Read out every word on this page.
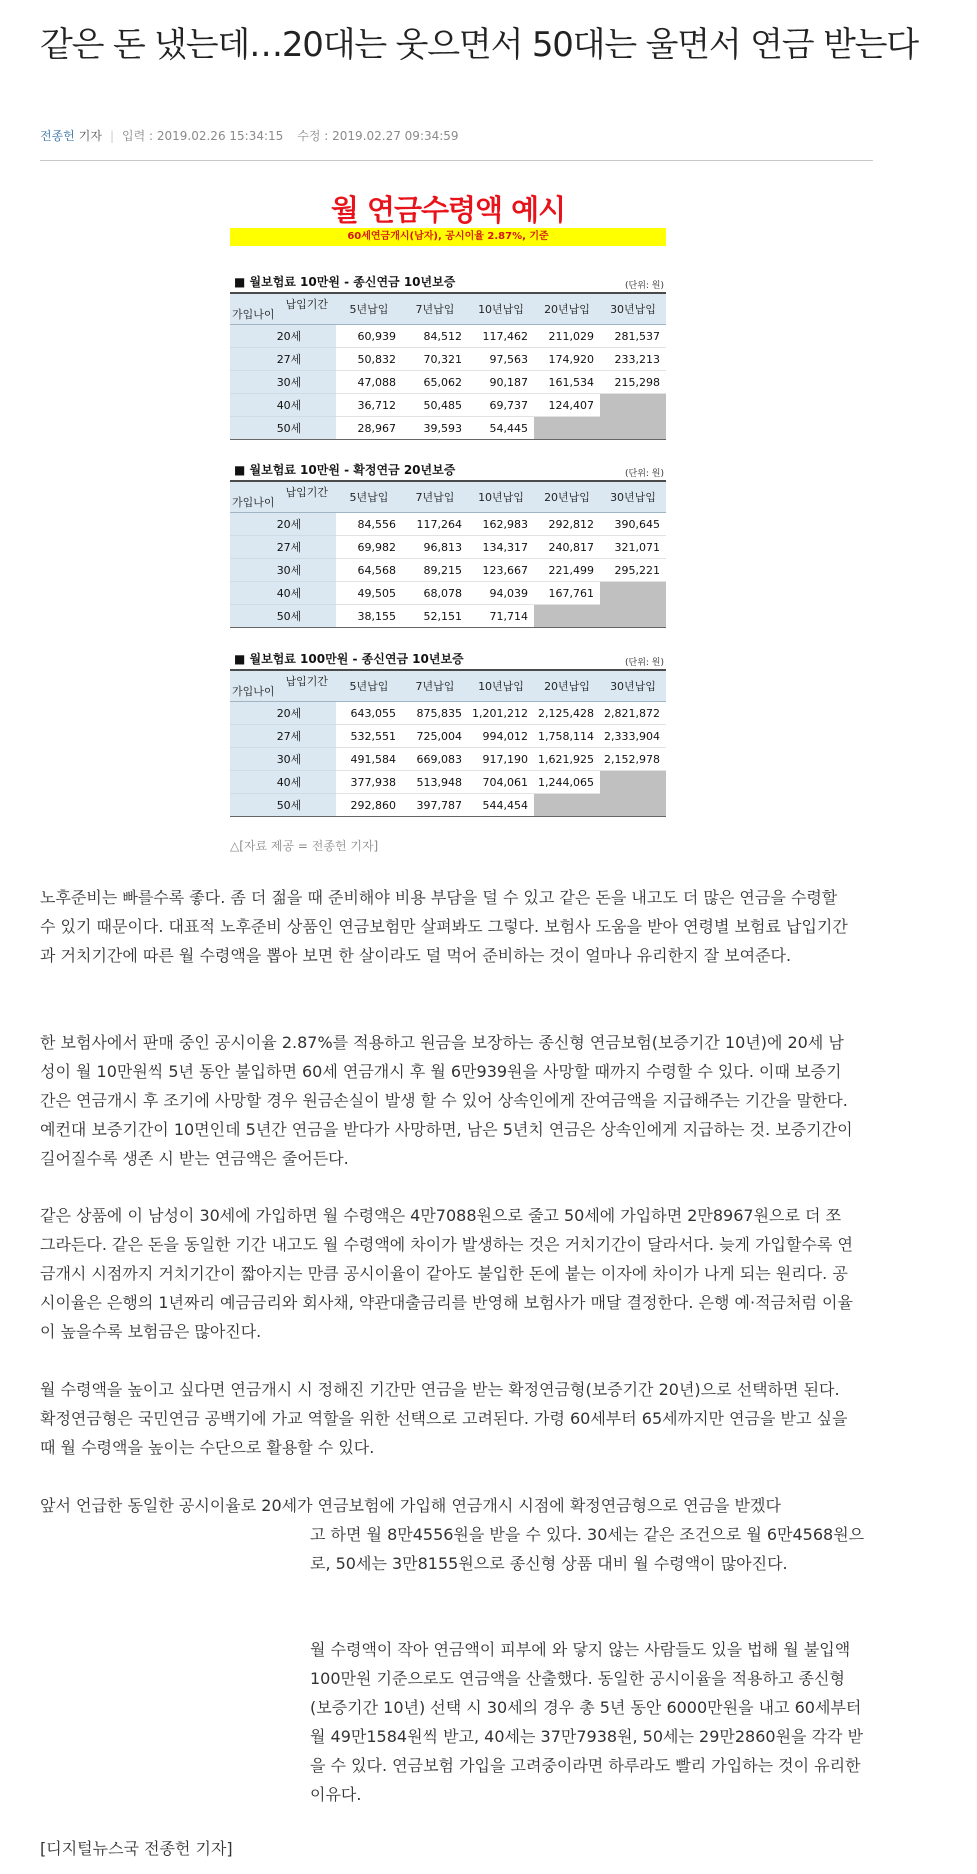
같은 돈 냈는데…20대는 웃으면서 50대는 울면서 연금 받는다
전종헌 기자 | 입력 : 2019.02.26 15:34:15 수정 : 2019.02.27 09:34:59
월 연금수령액 예시
60세연금개시(남자), 공시이율 2.87%, 기준
■ 월보험료 10만원 - 종신연금 10년보증	(단위: 원)
납입기간
가입나이	5년납입	7년납입	10년납입	20년납입	30년납입
20세	60,939	84,512	117,462	211,029	281,537
27세	50,832	70,321	97,563	174,920	233,213
30세	47,088	65,062	90,187	161,534	215,298
40세	36,712	50,485	69,737	124,407	
50세	28,967	39,593	54,445		
■ 월보험료 10만원 - 확정연금 20년보증	(단위: 원)
납입기간
가입나이	5년납입	7년납입	10년납입	20년납입	30년납입
20세	84,556	117,264	162,983	292,812	390,645
27세	69,982	96,813	134,317	240,817	321,071
30세	64,568	89,215	123,667	221,499	295,221
40세	49,505	68,078	94,039	167,761	
50세	38,155	52,151	71,714		
■ 월보험료 100만원 - 종신연금 10년보증	(단위: 원)
납입기간
가입나이	5년납입	7년납입	10년납입	20년납입	30년납입
20세	643,055	875,835	1,201,212	2,125,428	2,821,872
27세	532,551	725,004	994,012	1,758,114	2,333,904
30세	491,584	669,083	917,190	1,621,925	2,152,978
40세	377,938	513,948	704,061	1,244,065	
50세	292,860	397,787	544,454		
△[자료 제공 = 전종헌 기자]

노후준비는 빠를수록 좋다. 좀 더 젊을 때 준비해야 비용 부담을 덜 수 있고 같은 돈을 내고도 더 많은 연금을 수령할 수 있기 때문이다. 대표적 노후준비 상품인 연금보험만 살펴봐도 그렇다. 보험사 도움을 받아 연령별 보험료 납입기간과 거치기간에 따른 월 수령액을 뽑아 보면 한 살이라도 덜 먹어 준비하는 것이 얼마나 유리한지 잘 보여준다.

한 보험사에서 판매 중인 공시이율 2.87%를 적용하고 원금을 보장하는 종신형 연금보험(보증기간 10년)에 20세 남성이 월 10만원씩 5년 동안 불입하면 60세 연금개시 후 월 6만939원을 사망할 때까지 수령할 수 있다. 이때 보증기간은 연금개시 후 조기에 사망할 경우 원금손실이 발생 할 수 있어 상속인에게 잔여금액을 지급해주는 기간을 말한다. 예컨대 보증기간이 10면인데 5년간 연금을 받다가 사망하면, 남은 5년치 연금은 상속인에게 지급하는 것. 보증기간이 길어질수록 생존 시 받는 연금액은 줄어든다.

같은 상품에 이 남성이 30세에 가입하면 월 수령액은 4만7088원으로 줄고 50세에 가입하면 2만8967원으로 더 쪼그라든다. 같은 돈을 동일한 기간 내고도 월 수령액에 차이가 발생하는 것은 거치기간이 달라서다. 늦게 가입할수록 연금개시 시점까지 거치기간이 짧아지는 만큼 공시이율이 같아도 불입한 돈에 붙는 이자에 차이가 나게 되는 원리다. 공시이율은 은행의 1년짜리 예금금리와 회사채, 약관대출금리를 반영해 보험사가 매달 결정한다. 은행 예·적금처럼 이율이 높을수록 보험금은 많아진다.

월 수령액을 높이고 싶다면 연금개시 시 정해진 기간만 연금을 받는 확정연금형(보증기간 20년)으로 선택하면 된다. 확정연금형은 국민연금 공백기에 가교 역할을 위한 선택으로 고려된다. 가령 60세부터 65세까지만 연금을 받고 싶을 때 월 수령액을 높이는 수단으로 활용할 수 있다.

앞서 언급한 동일한 공시이율로 20세가 연금보험에 가입해 연금개시 시점에 확정연금형으로 연금을 받겠다

고 하면 월 8만4556원을 받을 수 있다. 30세는 같은 조건으로 월 6만4568원으로, 50세는 3만8155원으로 종신형 상품 대비 월 수령액이 많아진다.

월 수령액이 작아 연금액이 피부에 와 닿지 않는 사람들도 있을 법해 월 불입액 100만원 기준으로도 연금액을 산출했다. 동일한 공시이율을 적용하고 종신형(보증기간 10년) 선택 시 30세의 경우 총 5년 동안 6000만원을 내고 60세부터 월 49만1584원씩 받고, 40세는 37만7938원, 50세는 29만2860원을 각각 받을 수 있다. 연금보험 가입을 고려중이라면 하루라도 빨리 가입하는 것이 유리한 이유다.

[디지털뉴스국 전종헌 기자]
